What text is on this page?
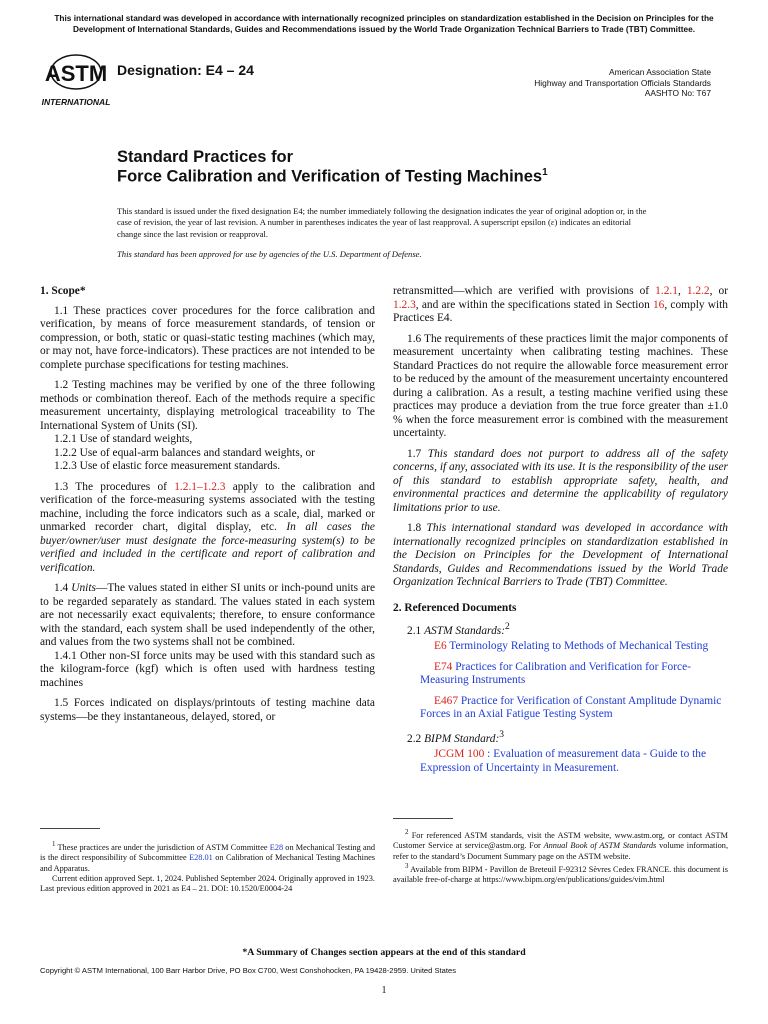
This international standard was developed in accordance with internationally recognized principles on standardization established in the Decision on Principles for the Development of International Standards, Guides and Recommendations issued by the World Trade Organization Technical Barriers to Trade (TBT) Committee.
ASTM
INTERNATIONAL
Designation: E4 – 24	American Association State
Highway and Transportation Officials Standards
AASHTO No: T67
Standard Practices for
Force Calibration and Verification of Testing Machines$^1$
This standard is issued under the fixed designation E4; the number immediately following the designation indicates the year of original adoption or, in the case of revision, the year of last revision. A number in parentheses indicates the year of last reapproval. A superscript epsilon (ε) indicates an editorial change since the last revision or reapproval.
This standard has been approved for use by agencies of the U.S. Department of Defense.
1. Scope*

1.1 These practices cover procedures for the force calibration and verification, by means of force measurement standards, of tension or compression, or both, static or quasi-static testing machines (which may, or may not, have force-indicators). These practices are not intended to be complete purchase specifications for testing machines.

1.2 Testing machines may be verified by one of the three following methods or combination thereof. Each of the methods require a specific measurement uncertainty, displaying metrological traceability to The International System of Units (SI).

1.2.1 Use of standard weights,

1.2.2 Use of equal-arm balances and standard weights, or

1.2.3 Use of elastic force measurement standards.

1.3 The procedures of 1.2.1–1.2.3 apply to the calibration and verification of the force-measuring systems associated with the testing machine, including the force indicators such as a scale, dial, marked or unmarked recorder chart, digital display, etc. In all cases the buyer/owner/user must designate the force-measuring system(s) to be verified and included in the certificate and report of calibration and verification.

1.4 Units—The values stated in either SI units or inch-pound units are to be regarded separately as standard. The values stated in each system are not necessarily exact equivalents; therefore, to ensure conformance with the standard, each system shall be used independently of the other, and values from the two systems shall not be combined.

1.4.1 Other non-SI force units may be used with this standard such as the kilogram-force (kgf) which is often used with hardness testing machines

1.5 Forces indicated on displays/printouts of testing machine data systems—be they instantaneous, delayed, stored, or

retransmitted—which are verified with provisions of 1.2.1, 1.2.2, or 1.2.3, and are within the specifications stated in Section 16, comply with Practices E4.

1.6 The requirements of these practices limit the major components of measurement uncertainty when calibrating testing machines. These Standard Practices do not require the allowable force measurement error to be reduced by the amount of the measurement uncertainty encountered during a calibration. As a result, a testing machine verified using these practices may produce a deviation from the true force greater than ±1.0 % when the force measurement error is combined with the measurement uncertainty.

1.7 This standard does not purport to address all of the safety concerns, if any, associated with its use. It is the responsibility of the user of this standard to establish appropriate safety, health, and environmental practices and determine the applicability of regulatory limitations prior to use.

1.8 This international standard was developed in accordance with internationally recognized principles on standardization established in the Decision on Principles for the Development of International Standards, Guides and Recommendations issued by the World Trade Organization Technical Barriers to Trade (TBT) Committee.

2. Referenced Documents

2.1 ASTM Standards:$^2$

E6 Terminology Relating to Methods of Mechanical Testing

E74 Practices for Calibration and Verification for Force-Measuring Instruments

E467 Practice for Verification of Constant Amplitude Dynamic Forces in an Axial Fatigue Testing System

2.2 BIPM Standard:$^3$

JCGM 100 : Evaluation of measurement data - Guide to the Expression of Uncertainty in Measurement.

$^1$ These practices are under the jurisdiction of ASTM Committee E28 on Mechanical Testing and is the direct responsibility of Subcommittee E28.01 on Calibration of Mechanical Testing Machines and Apparatus.

Current edition approved Sept. 1, 2024. Published September 2024. Originally approved in 1923. Last previous edition approved in 2021 as E4 – 21. DOI: 10.1520/E0004-24

$^2$ For referenced ASTM standards, visit the ASTM website, www.astm.org, or contact ASTM Customer Service at service@astm.org. For Annual Book of ASTM Standards volume information, refer to the standard’s Document Summary page on the ASTM website.

$^3$ Available from BIPM - Pavillon de Breteuil F-92312 Sèvres Cedex FRANCE. this document is available free-of-charge at https://www.bipm.org/en/publications/guides/vim.html

*A Summary of Changes section appears at the end of this standard
Copyright © ASTM International, 100 Barr Harbor Drive, PO Box C700, West Conshohocken, PA 19428-2959. United States
1
